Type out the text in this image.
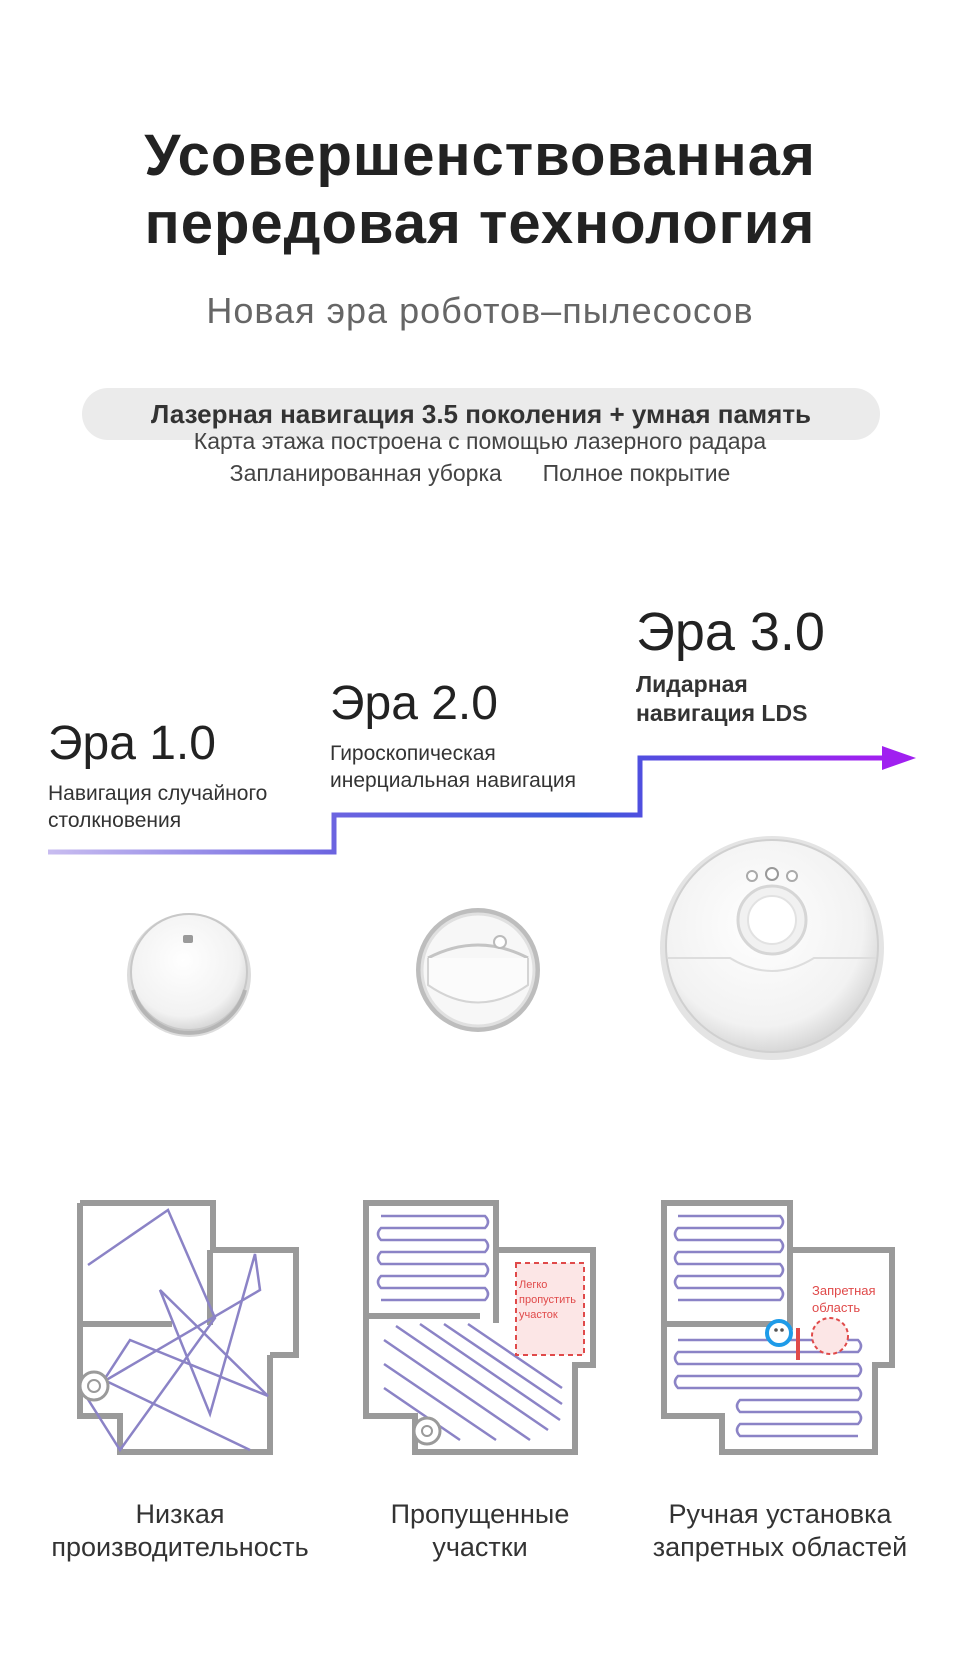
Усовершенствованная
передовая технология
Новая эра роботов–пылесосов
Лазерная навигация 3.5 поколения + умная память
Карта этажа построена с помощью лазерного радара
Запланированная уборка Полное покрытие
Эра 1.0
Навигация случайного
столкновения
Эра 2.0
Гироскопическая
инерциальная навигация
Эра 3.0
Лидарная
навигация LDS
Легко
пропустить
участок
Запретная
область
Низкая
производительность
Пропущенные
участки
Ручная установка
запретных областей
